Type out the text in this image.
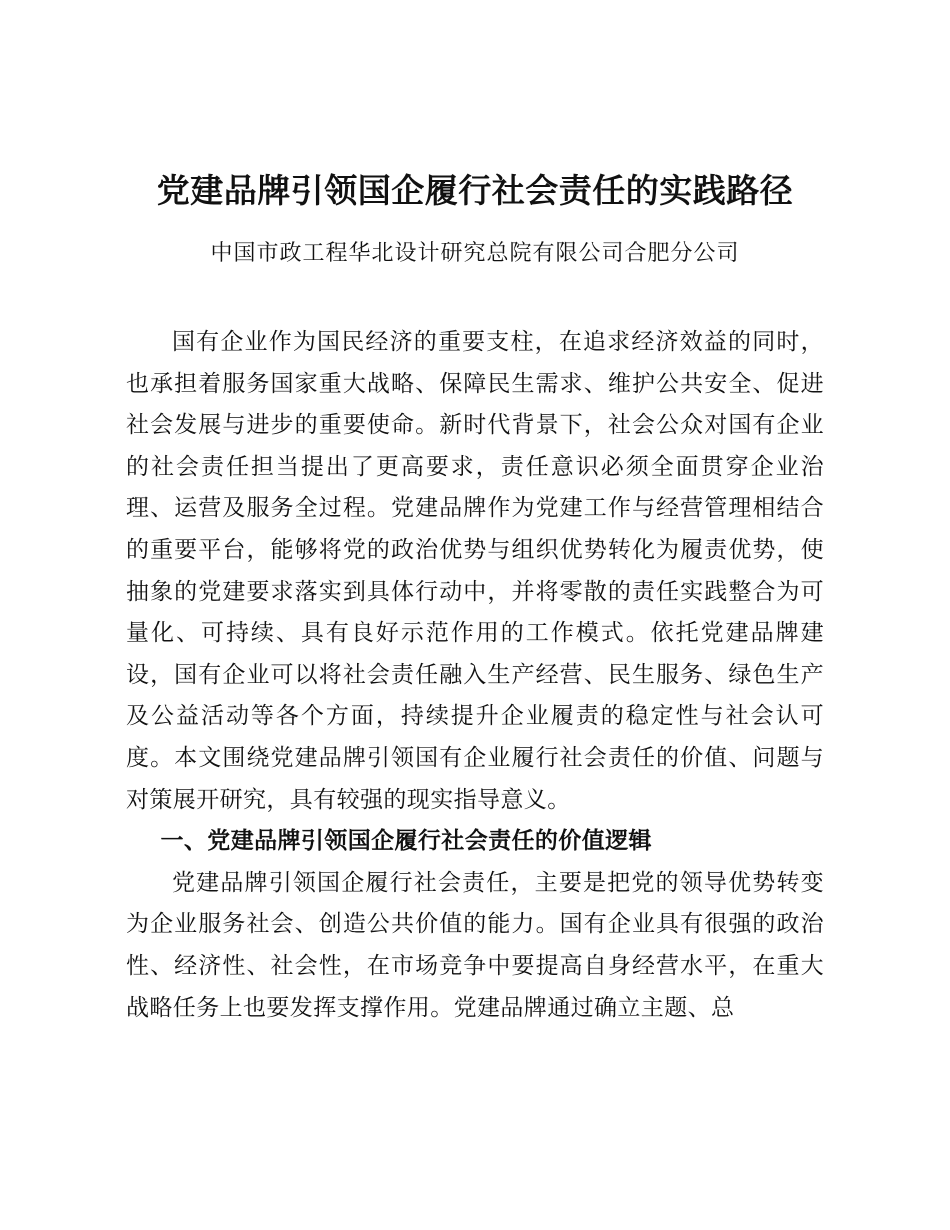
党建品牌引领国企履行社会责任的实践路径
中国市政工程华北设计研究总院有限公司合肥分公司

国有企业作为国民经济的重要支柱，在追求经济效益的同时，也承担着服务国家重大战略、保障民生需求、维护公共安全、促进社会发展与进步的重要使命。新时代背景下，社会公众对国有企业的社会责任担当提出了更高要求，责任意识必须全面贯穿企业治理、运营及服务全过程。党建品牌作为党建工作与经营管理相结合的重要平台，能够将党的政治优势与组织优势转化为履责优势，使抽象的党建要求落实到具体行动中，并将零散的责任实践整合为可量化、可持续、具有良好示范作用的工作模式。依托党建品牌建设，国有企业可以将社会责任融入生产经营、民生服务、绿色生产及公益活动等各个方面，持续提升企业履责的稳定性与社会认可度。本文围绕党建品牌引领国有企业履行社会责任的价值、问题与对策展开研究，具有较强的现实指导意义。

一、党建品牌引领国企履行社会责任的价值逻辑

党建品牌引领国企履行社会责任，主要是把党的领导优势转变为企业服务社会、创造公共价值的能力。国有企业具有很强的政治性、经济性、社会性，在市场竞争中要提高自身经营水平，在重大战略任务上也要发挥支撑作用。党建品牌通过确立主题、总
